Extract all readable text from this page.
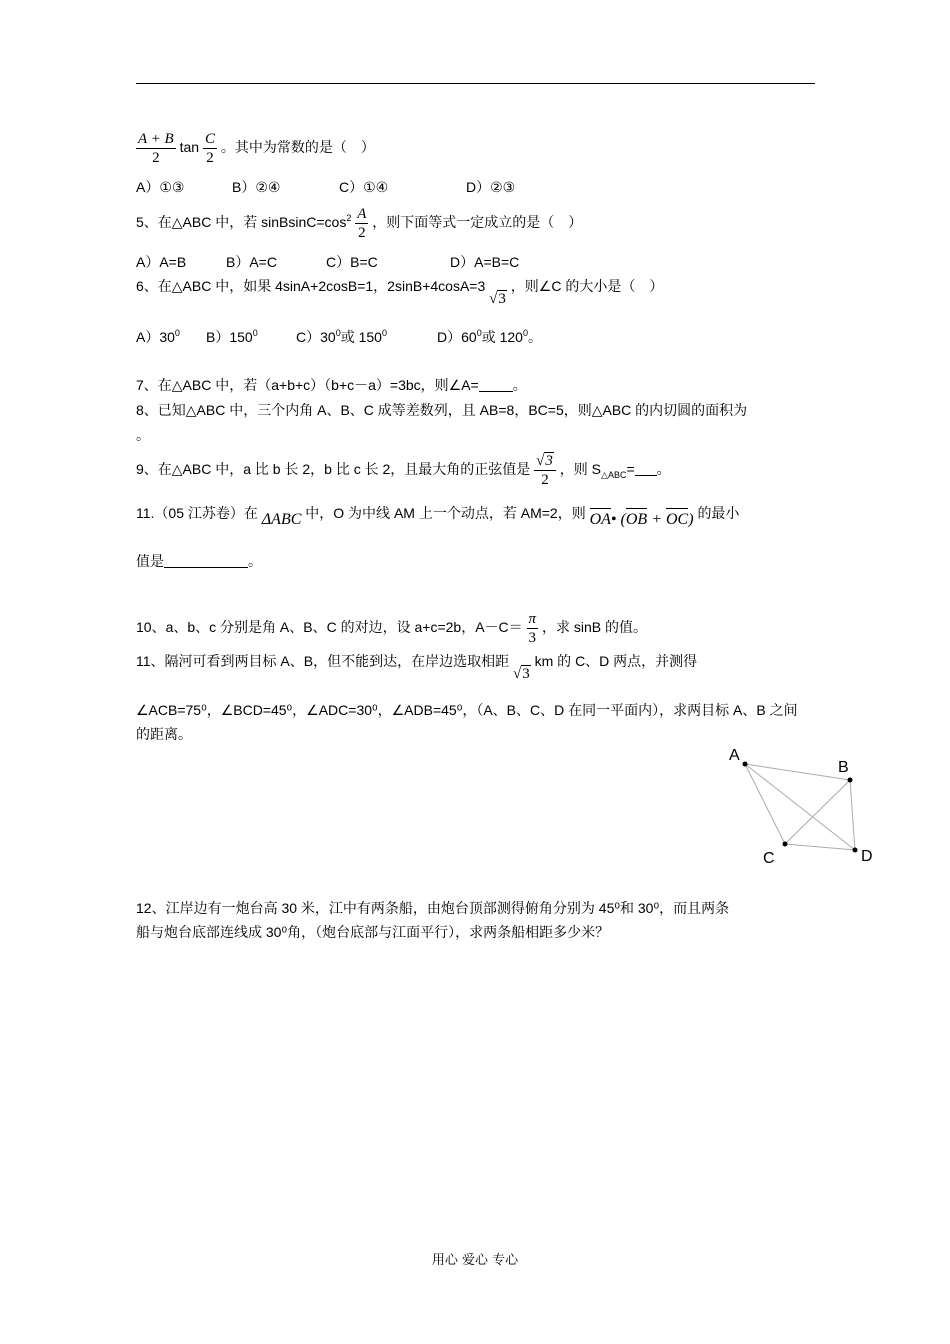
$\frac{A + B}{2}$ $\tan \frac{C}{2}$ 。其中为常数的是（　）
A）①③	B）②④	C）①④	D）②③
5、在△ABC 中，若 $sinBsinC=\cos^2 \frac{A}{2}$ ，则下面等式一定成立的是（　）
A）A=B	B）A=C	C）B=C	D）A=B=C
6、在△ABC 中，如果 4sinA+2cosB=1，2sinB+4cosA=3 √3 ，则∠C 的大小是（　）
$A)30^0$ $B)150^0$	$C)30^0$或 $150^0$	$D)60^0$或 $120^0$。
7、在△ABC 中，若（a+b+c）（b+c－a）=3bc，则∠A= 。
8、已知△ABC 中，三个内角 A、B、C 成等差数列，且 AB=8，BC=5，则△ABC 的内切圆的面积为
。
9、在△ABC 中，a 比 b 长 2，b 比 c 长 2，且最大角的正弦值是 $\frac{√3}{2}$ ，则 $S_{\triangle ABC}=$ 。
11.（05 江苏卷）在 ΔABC 中，O 为中线 AM 上一个动点，若 AM=2，则 OA• (OB + OC) 的最小
值是	。
10、a、b、c 分别是角 A、B、C 的对边，设 a+c=2b，$A-C= \frac{\pi}{3}$ ，求 sinB 的值。
11、隔河可看到两目标 A、B，但不能到达，在岸边选取相距 √3 km 的 C、D 两点，并测得
∠ACB=75⁰，∠BCD=45⁰，∠ADC=30⁰，∠ADB=45⁰，（A、B、C、D 在同一平面内），求两目标 A、B 之间
的距离。
A
B
C	D
12、江岸边有一炮台高 30 米，江中有两条船，由炮台顶部测得俯角分别为 45⁰和 30⁰，而且两条
船与炮台底部连线成 30⁰角，（炮台底部与江面平行），求两条船相距多少米？
用心 爱心 专心
